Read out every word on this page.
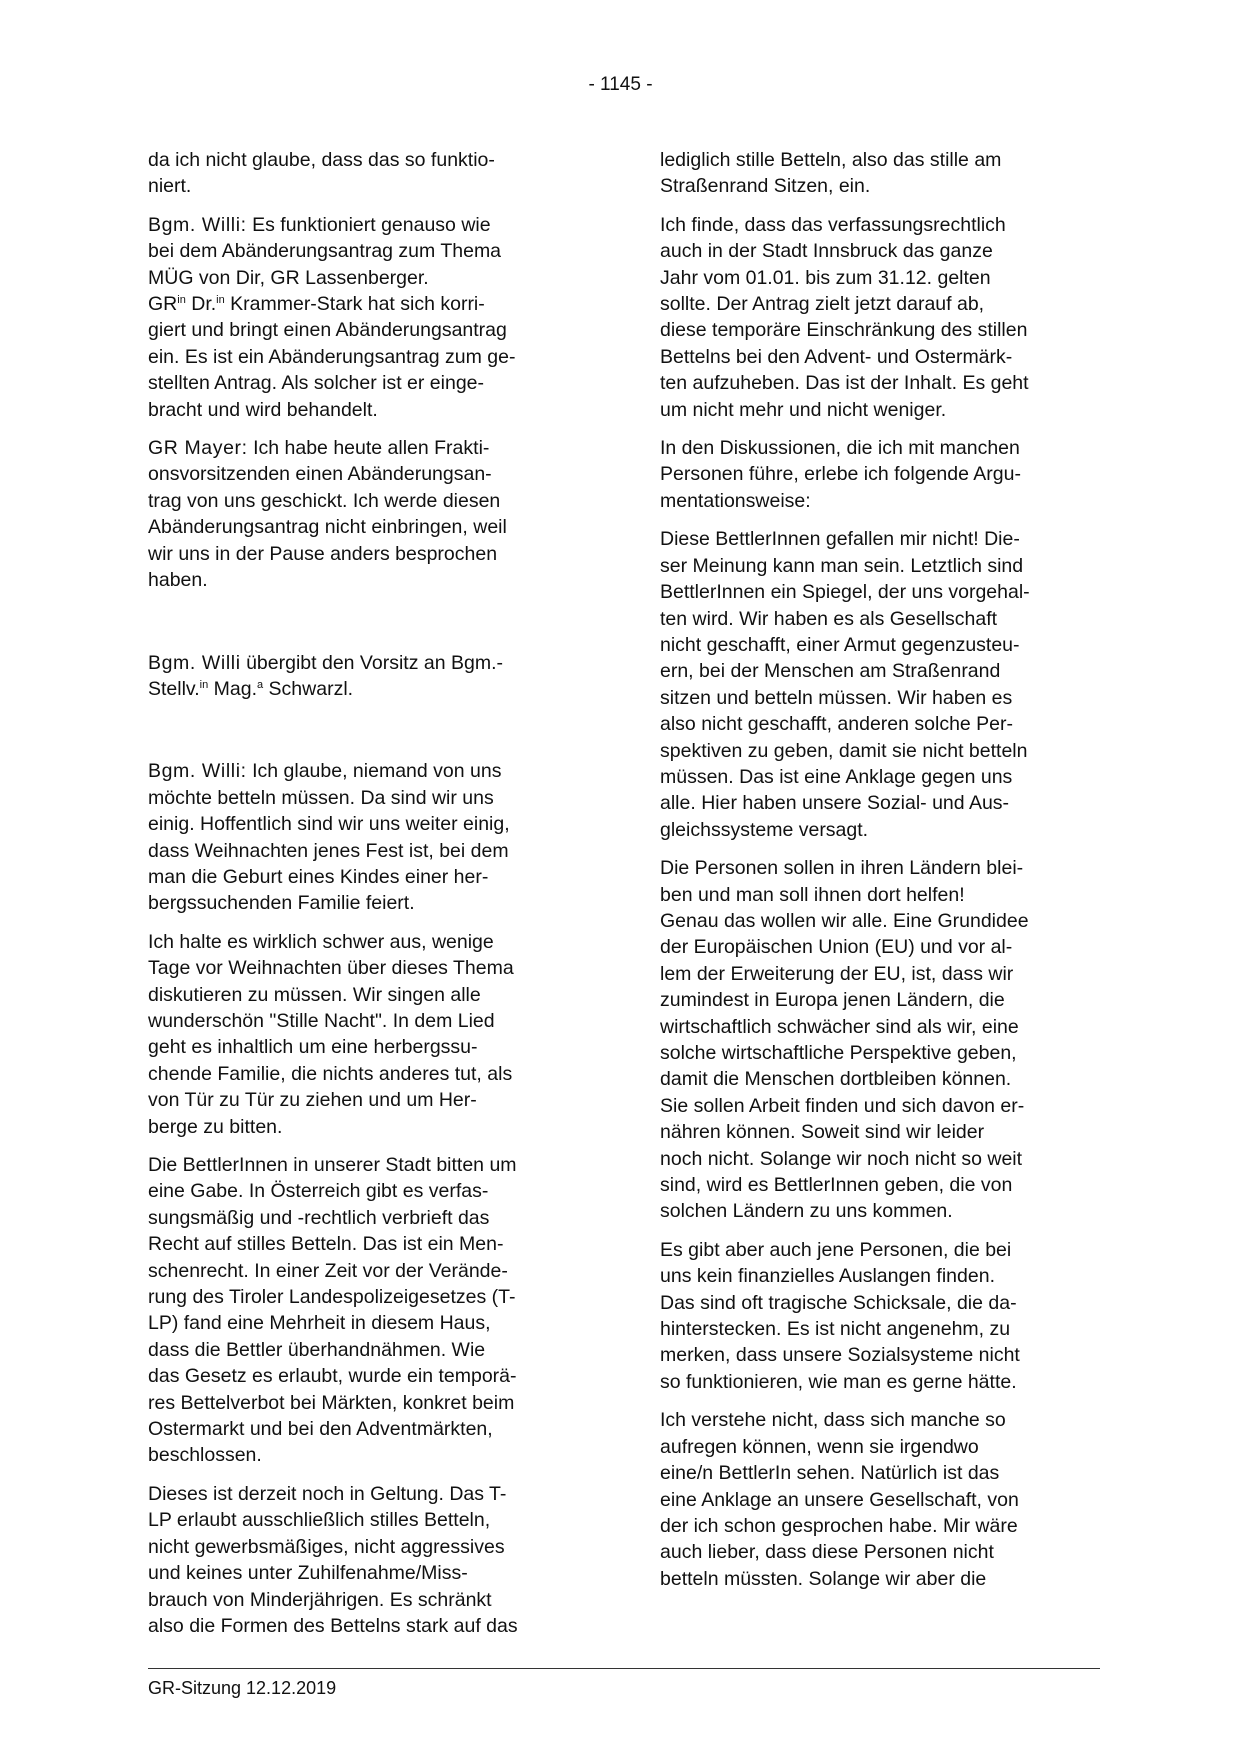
- 1145 -

da ich nicht glaube, dass das so funktio-
niert.

Bgm. Willi: Es funktioniert genauso wie
bei dem Abänderungsantrag zum Thema
MÜG von Dir, GR Lassenberger.
$GR^{in}$ Dr.$^{in}$ Krammer-Stark hat sich korri-
giert und bringt einen Abänderungsantrag
ein. Es ist ein Abänderungsantrag zum ge-
stellten Antrag. Als solcher ist er einge-
bracht und wird behandelt.

GR Mayer: Ich habe heute allen Frakti-
onsvorsitzenden einen Abänderungsan-
trag von uns geschickt. Ich werde diesen
Abänderungsantrag nicht einbringen, weil
wir uns in der Pause anders besprochen
haben.

Bgm. Willi übergibt den Vorsitz an Bgm.-
Stellv.$^{in}$ Mag.$^a$ Schwarzl.

Bgm. Willi: Ich glaube, niemand von uns
möchte betteln müssen. Da sind wir uns
einig. Hoffentlich sind wir uns weiter einig,
dass Weihnachten jenes Fest ist, bei dem
man die Geburt eines Kindes einer her-
bergssuchenden Familie feiert.

Ich halte es wirklich schwer aus, wenige
Tage vor Weihnachten über dieses Thema
diskutieren zu müssen. Wir singen alle
wunderschön "Stille Nacht". In dem Lied
geht es inhaltlich um eine herbergssu-
chende Familie, die nichts anderes tut, als
von Tür zu Tür zu ziehen und um Her-
berge zu bitten.

Die BettlerInnen in unserer Stadt bitten um
eine Gabe. In Österreich gibt es verfas-
sungsmäßig und -rechtlich verbrieft das
Recht auf stilles Betteln. Das ist ein Men-
schenrecht. In einer Zeit vor der Verände-
rung des Tiroler Landespolizeigesetzes (T-
LP) fand eine Mehrheit in diesem Haus,
dass die Bettler überhandnähmen. Wie
das Gesetz es erlaubt, wurde ein temporä-
res Bettelverbot bei Märkten, konkret beim
Ostermarkt und bei den Adventmärkten,
beschlossen.

Dieses ist derzeit noch in Geltung. Das T-
LP erlaubt ausschließlich stilles Betteln,
nicht gewerbsmäßiges, nicht aggressives
und keines unter Zuhilfenahme/Miss-
brauch von Minderjährigen. Es schränkt
also die Formen des Bettelns stark auf das

lediglich stille Betteln, also das stille am
Straßenrand Sitzen, ein.

Ich finde, dass das verfassungsrechtlich
auch in der Stadt Innsbruck das ganze
Jahr vom 01.01. bis zum 31.12. gelten
sollte. Der Antrag zielt jetzt darauf ab,
diese temporäre Einschränkung des stillen
Bettelns bei den Advent- und Ostermärk-
ten aufzuheben. Das ist der Inhalt. Es geht
um nicht mehr und nicht weniger.

In den Diskussionen, die ich mit manchen
Personen führe, erlebe ich folgende Argu-
mentationsweise:

Diese BettlerInnen gefallen mir nicht! Die-
ser Meinung kann man sein. Letztlich sind
BettlerInnen ein Spiegel, der uns vorgehal-
ten wird. Wir haben es als Gesellschaft
nicht geschafft, einer Armut gegenzusteu-
ern, bei der Menschen am Straßenrand
sitzen und betteln müssen. Wir haben es
also nicht geschafft, anderen solche Per-
spektiven zu geben, damit sie nicht betteln
müssen. Das ist eine Anklage gegen uns
alle. Hier haben unsere Sozial- und Aus-
gleichssysteme versagt.

Die Personen sollen in ihren Ländern blei-
ben und man soll ihnen dort helfen!
Genau das wollen wir alle. Eine Grundidee
der Europäischen Union (EU) und vor al-
lem der Erweiterung der EU, ist, dass wir
zumindest in Europa jenen Ländern, die
wirtschaftlich schwächer sind als wir, eine
solche wirtschaftliche Perspektive geben,
damit die Menschen dortbleiben können.
Sie sollen Arbeit finden und sich davon er-
nähren können. Soweit sind wir leider
noch nicht. Solange wir noch nicht so weit
sind, wird es BettlerInnen geben, die von
solchen Ländern zu uns kommen.

Es gibt aber auch jene Personen, die bei
uns kein finanzielles Auslangen finden.
Das sind oft tragische Schicksale, die da-
hinterstecken. Es ist nicht angenehm, zu
merken, dass unsere Sozialsysteme nicht
so funktionieren, wie man es gerne hätte.

Ich verstehe nicht, dass sich manche so
aufregen können, wenn sie irgendwo
eine/n BettlerIn sehen. Natürlich ist das
eine Anklage an unsere Gesellschaft, von
der ich schon gesprochen habe. Mir wäre
auch lieber, dass diese Personen nicht
betteln müssten. Solange wir aber die

GR-Sitzung 12.12.2019
